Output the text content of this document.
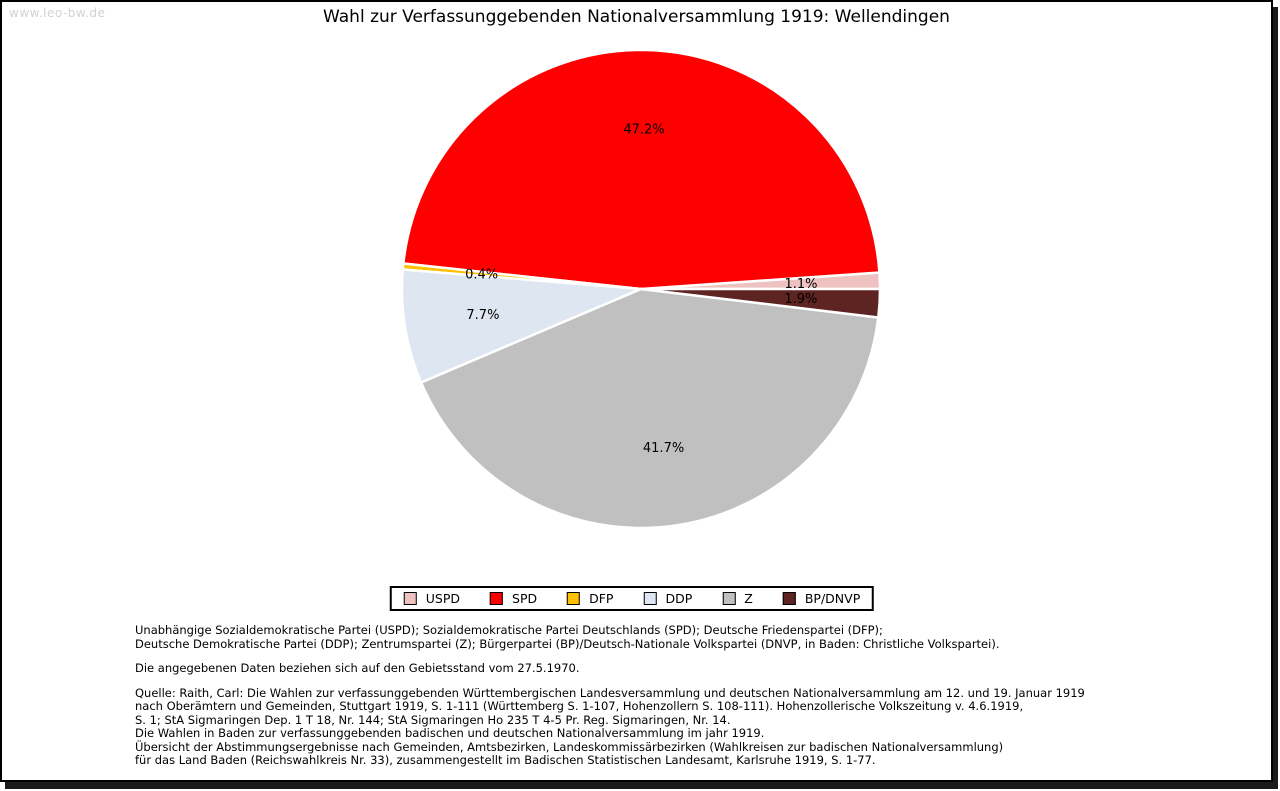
www.leo-bw.de	Wahl zur Verfassunggebenden Nationalversammlung 1919: Wellendingen
1.1%
47.2%
0.4%
7.7%
41.7%
1.9%
USPD	SPD	DFP	DDP	Z	BP/DNVP
Unabhängige Sozialdemokratische Partei (USPD); Sozialdemokratische Partei Deutschlands (SPD); Deutsche Friedenspartei (DFP);
Deutsche Demokratische Partei (DDP); Zentrumspartei (Z); Bürgerpartei (BP)/Deutsch-Nationale Volkspartei (DNVP, in Baden: Christliche Volkspartei).
Die angegebenen Daten beziehen sich auf den Gebietsstand vom 27.5.1970.
Quelle: Raith, Carl: Die Wahlen zur verfassunggebenden Württembergischen Landesversammlung und deutschen Nationalversammlung am 12. und 19. Januar 1919
nach Oberämtern und Gemeinden, Stuttgart 1919, S. 1-111 (Württemberg S. 1-107, Hohenzollern S. 108-111). Hohenzollerische Volkszeitung v. 4.6.1919,
S. 1; StA Sigmaringen Dep. 1 T 18, Nr. 144; StA Sigmaringen Ho 235 T 4-5 Pr. Reg. Sigmaringen, Nr. 14.
Die Wahlen in Baden zur verfassunggebenden badischen und deutschen Nationalversammlung im jahr 1919.
Übersicht der Abstimmungsergebnisse nach Gemeinden, Amtsbezirken, Landeskommissärbezirken (Wahlkreisen zur badischen Nationalversammlung)
für das Land Baden (Reichswahlkreis Nr. 33), zusammengestellt im Badischen Statistischen Landesamt, Karlsruhe 1919, S. 1-77.
